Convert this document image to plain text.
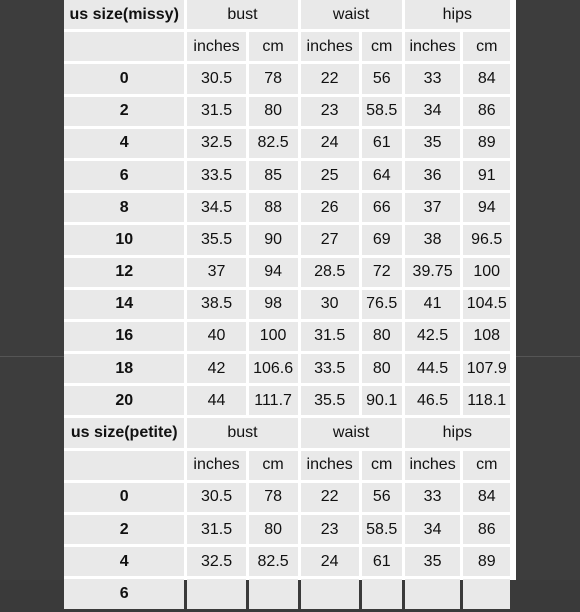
us size(missy)	bust		waist		hips	
	inches	cm	inches	cm	inches	cm
0	30.5	78	22	56	33	84
2	31.5	80	23	58.5	34	86
4	32.5	82.5	24	61	35	89
6	33.5	85	25	64	36	91
8	34.5	88	26	66	37	94
10	35.5	90	27	69	38	96.5
12	37	94	28.5	72	39.75	100
14	38.5	98	30	76.5	41	104.5
16	40	100	31.5	80	42.5	108
18	42	106.6	33.5	80	44.5	107.9
20	44	111.7	35.5	90.1	46.5	118.1
us size(petite)	bust		waist		hips	
	inches	cm	inches	cm	inches	cm
0	30.5	78	22	56	33	84
2	31.5	80	23	58.5	34	86
4	32.5	82.5	24	61	35	89
6						
